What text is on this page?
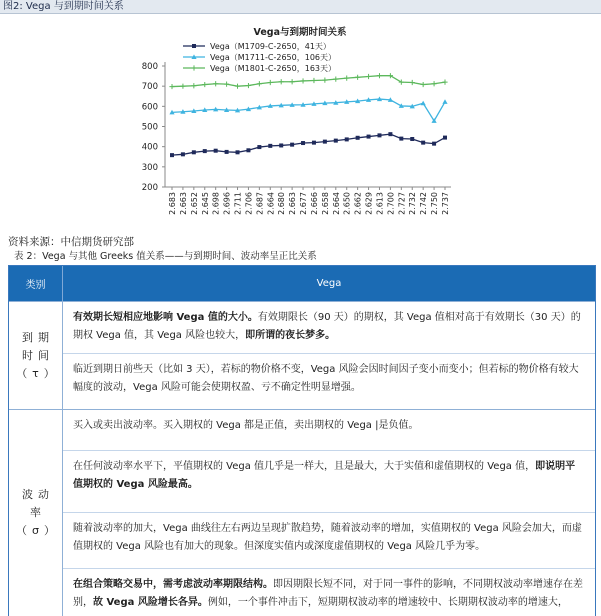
图2: Vega 与到期时间关系
Vega与到期时间关系
800
700
600
500
400
300
200
2.683 2.663 2.652 2.645 2.698 2.696 2.711 2.706 2.687 2.664 2.680 2.663 2.677 2.666 2.658 2.664 2.650 2.662 2.629 2.613 2.700 2.727 2.732 2.742 2.750 2.737
Vega（M1709-C-2650，41天）
Vega（M1711-C-2650，106天）
Vega（M1801-C-2650，163天）
资料来源：中信期货研究部
表 2：Vega 与其他 Greeks 值关系——与到期时间、波动率呈正比关系
类别	Vega
到期时间（τ）
有效期长短相应地影响 Vega 值的大小。有效期限长（90 天）的期权，其 Vega 值相对高于有效期长（30 天）的期权 Vega 值，其 Vega 风险也较大，即所谓的夜长梦多。
临近到期日前些天（比如 3 天），若标的物价格不变，Vega 风险会因时间因子变小而变小；但若标的物价格有较大幅度的波动，Vega 风险可能会使期权盈、亏不确定性明显增强。
波动率（σ）
买入或卖出波动率。买入期权的 Vega 都是正值，卖出期权的 Vega |是负值。
在任何波动率水平下，平值期权的 Vega 值几乎是一样大，且是最大，大于实值和虚值期权的 Vega 值，即说明平值期权的 Vega 风险最高。
随着波动率的加大，Vega 曲线往左右两边呈现扩散趋势，随着波动率的增加，实值期权的 Vega 风险会加大，而虚值期权的 Vega 风险也有加大的现象。但深度实值内或深度虚值期权的 Vega 风险几乎为零。
在组合策略交易中，需考虑波动率期限结构。即因期限长短不同，对于同一事件的影响，不同期权波动率增速存在差别，故 Vega 风险增长各异。例如，一个事件冲击下，短期期权波动率的增速较中、长期期权波动率的增速大，
